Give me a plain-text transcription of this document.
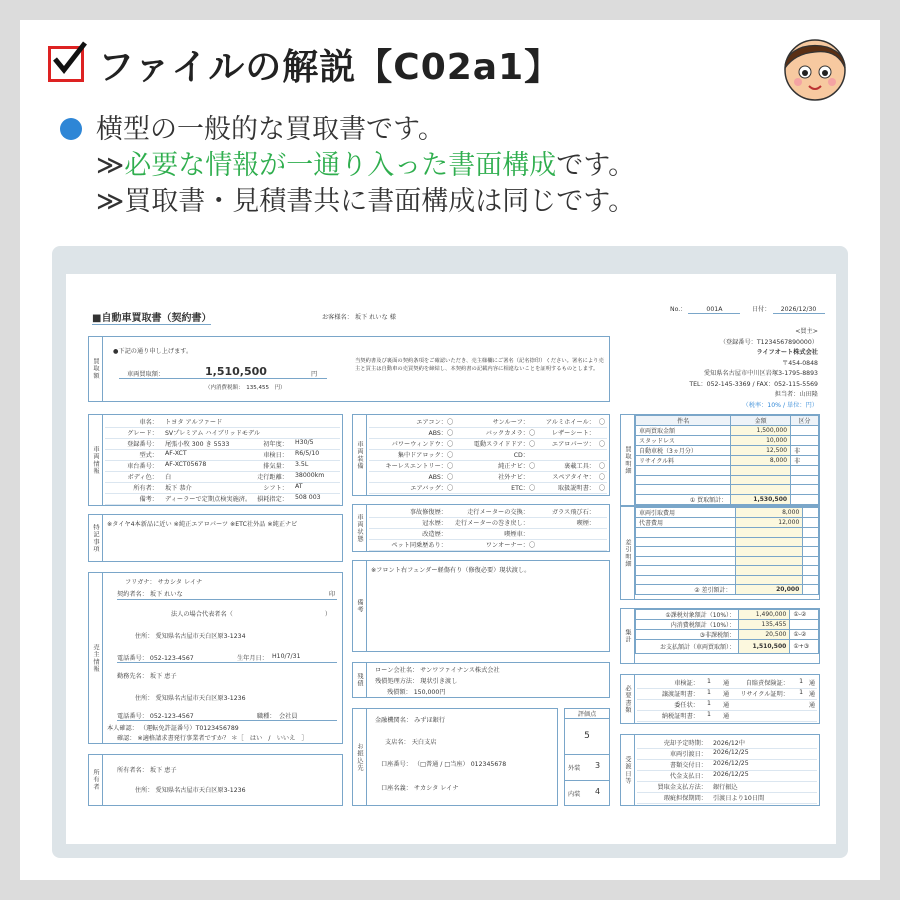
ファイルの解説【C02a1】
横型の一般的な買取書です。
≫必要な情報が一通り入った書面構成です。
≫買取書・見積書共に書面構成は同じです。
■自動車買取書（契約書）	お客様名： 坂下 れいな 様
No.：	001A	日付： 2026/12/30
<買主>
（登録番号：T1234567890000）
ライフオート株式会社
〒454-0848
愛知県名古屋市中川区岩塚3-1795-8893
TEL：052-145-3369 / FAX：052-115-5569
担当者：山田隆
（税率：10% / 単位：円）
買取額
●下記の通り申し上げます。
車両買取額：	1,510,500	円
（内消費税額：　 135,455　 円）
当契約書及び裏面の契約条項をご確認いただき、売主様欄にご署名（記名捺印）ください。署名により売主と買主は自動車の売買契約を締結し、本契約書の記載内容に相違ないことを証明するものとします。
車両情報
車名： トヨタ アルファード
グレード： SVプレミアム ハイブリッドモデル
登録番号： 尾張小牧 300 き 5533	初年度： H30/5
型式： AF-XCT	車検日： R6/5/10
車台番号： AF-XCT05678	排気量： 3.5L
ボディ色： 白	走行距離： 38000km
所有者： 坂下 恭介	シフト： AT
備考： ディーラーで定期点検実施済。 損耗指定： 508 003
車両装備
エアコン： 〇	サンルーフ：	アルミホイール： 〇
ABS： 〇	バックカメラ： 〇	レザーシート：
パワーウィンドウ： 〇	電動スライドドア： 〇	エアロパーツ： 〇
集中ドアロック： 〇	CD：
キーレスエントリー： 〇	純正ナビ： 〇	裏載工具： 〇
ABS： 〇	社外ナビ：	スペアタイヤ： 〇
エアバッグ： 〇	ETC： 〇	取扱説明書： 〇
車両状態
事故修復歴：	走行メーターの交換：	ガラス飛び石：
冠水歴： 走行メーターの巻き戻し：	喫煙：
改造歴：	喫煙車：
ペット同乗歴あり：	ワンオーナー： 〇
特記事項	※タイヤ4本新品に近い ※純正エアロパーツ ※ETC社外品 ※純正ナビ
備考
※フロント右フェンダー軽傷有り（修復必要）現状渡し。
売主情報
フリガナ： サカシタ レイナ
契約者名： 坂下 れいな	印
法人の場合代表者名（	）
住所： 愛知県名古屋市天白区原3-1234
電話番号： 052-123-4567	生年月日： H10/7/31
勤務先名： 坂下 恵子
住所： 愛知県名古屋市天白区原3-1236
電話番号： 052-123-4567	職種： 会社員
本人確認： （運転免許証番号）T0123456789
確認： ※適格請求書発行事業者ですか？ ＊［　はい　/　いいえ　］
所有者	所有者名： 坂下 恵子
住所： 愛知県名古屋市天白区原3-1236
残債
ローン会社名： サンワファイナンス株式会社
残債処理方法： 現状引き渡し
残債額： 150,000円
お振込先
金融機関名： みずほ銀行
支店名： 天白支店
口座番号： （□普通 / □当座） 012345678
口座名義： サカシタ レイナ
評価点
5
外装 3
内装 4
買取明細
件名	金額	区分
車両買取金額	1,500,000	
スタッドレス	10,000	
自動車税（3ヵ月分）	12,500	非
リサイクル料	8,000	非

① 買取額計：	1,530,500	
差引明細
車両引取費用	8,000	
代書費用	12,000	

② 差引額計：	20,000	
集計
①課税対象額計（10%）：	1,490,000	①-②
内消費税額計（10%）：	135,455	
③非課税額：	20,500	①-②
お支払額計（車両買取額）：	1,510,500	①+③
必要書類
車検証： 1 通	自賠責保険証： 1 通
譲渡証明書： 1 通 リサイクル証明： 1 通
委任状： 1 通	通
納税証明書： 1 通
受渡日等
売却予定時期： 2026/12中
車両引渡日： 2026/12/25
書類交付日： 2026/12/25
代金支払日： 2026/12/25
買取金支払方法： 銀行振込
瑕疵担保期間： 引渡日より10日間
